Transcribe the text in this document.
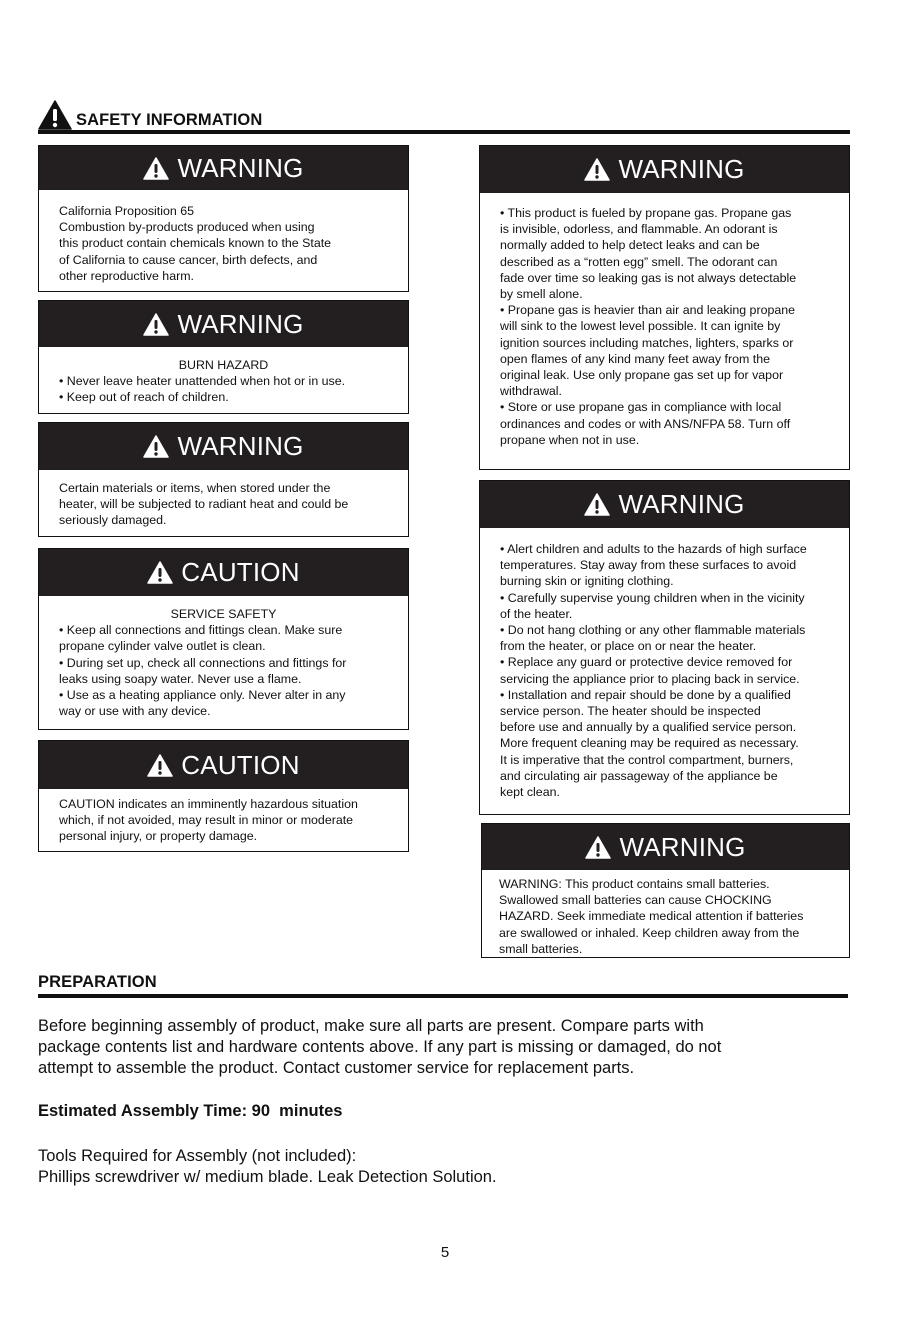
SAFETY INFORMATION
WARNING

California Proposition 65

Combustion by-products produced when using

this product contain chemicals known to the State

of California to cause cancer, birth defects, and

other reproductive harm.

WARNING

BURN HAZARD

• Never leave heater unattended when hot or in use.

• Keep out of reach of children.

WARNING

Certain materials or items, when stored under the

heater, will be subjected to radiant heat and could be

seriously damaged.

CAUTION

SERVICE SAFETY

• Keep all connections and fittings clean. Make sure

propane cylinder valve outlet is clean.

• During set up, check all connections and fittings for

leaks using soapy water. Never use a flame.

• Use as a heating appliance only. Never alter in any

way or use with any device.

CAUTION

CAUTION indicates an imminently hazardous situation

which, if not avoided, may result in minor or moderate

personal injury, or property damage.

WARNING

• This product is fueled by propane gas. Propane gas

is invisible, odorless, and flammable. An odorant is

normally added to help detect leaks and can be

described as a “rotten egg” smell. The odorant can

fade over time so leaking gas is not always detectable

by smell alone.

• Propane gas is heavier than air and leaking propane

will sink to the lowest level possible. It can ignite by

ignition sources including matches, lighters, sparks or

open flames of any kind many feet away from the

original leak. Use only propane gas set up for vapor

withdrawal.

• Store or use propane gas in compliance with local

ordinances and codes or with ANS/NFPA 58. Turn off

propane when not in use.

WARNING

• Alert children and adults to the hazards of high surface

temperatures. Stay away from these surfaces to avoid

burning skin or igniting clothing.

• Carefully supervise young children when in the vicinity

of the heater.

• Do not hang clothing or any other flammable materials

from the heater, or place on or near the heater.

• Replace any guard or protective device removed for

servicing the appliance prior to placing back in service.

• Installation and repair should be done by a qualified

service person. The heater should be inspected

before use and annually by a qualified service person.

More frequent cleaning may be required as necessary.

It is imperative that the control compartment, burners,

and circulating air passageway of the appliance be

kept clean.

WARNING

WARNING: This product contains small batteries.

Swallowed small batteries can cause CHOCKING

HAZARD. Seek immediate medical attention if batteries

are swallowed or inhaled. Keep children away from the

small batteries.

PREPARATION

Before beginning assembly of product, make sure all parts are present. Compare parts with

package contents list and hardware contents above. If any part is missing or damaged, do not

attempt to assemble the product. Contact customer service for replacement parts.

Estimated Assembly Time: 90  minutes

Tools Required for Assembly (not included):

Phillips screwdriver w/ medium blade. Leak Detection Solution.

5
